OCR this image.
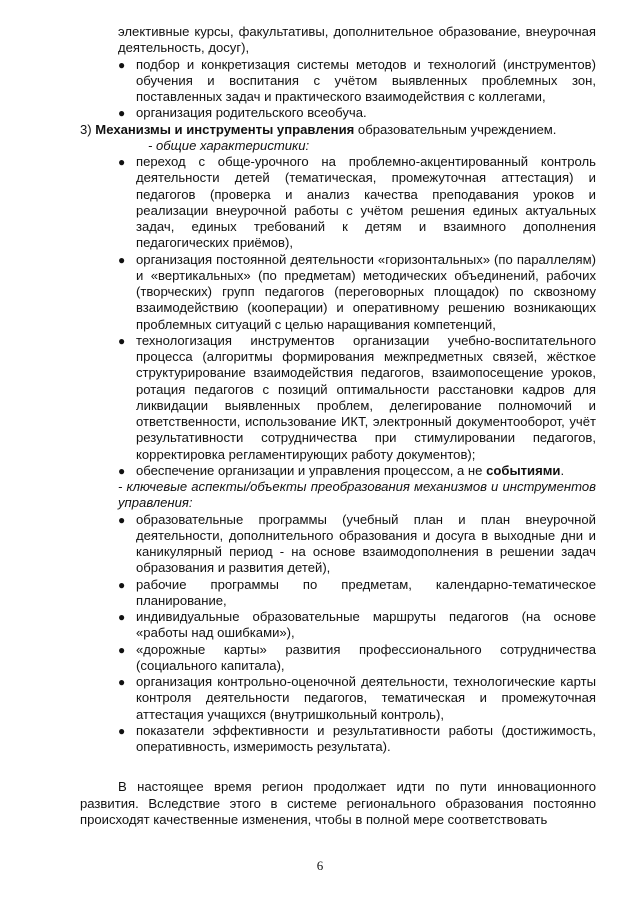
элективные курсы, факультативы, дополнительное образование, внеурочная деятельность, досуг),
● подбор и конкретизация системы методов и технологий (инструментов) обучения и воспитания с учётом выявленных проблемных зон, поставленных задач и практического взаимодействия с коллегами,
● организация родительского всеобуча.
3) Механизмы и инструменты управления образовательным учреждением.
- общие характеристики:
● переход с обще-урочного на проблемно-акцентированный контроль деятельности детей (тематическая, промежуточная аттестация) и педагогов (проверка и анализ качества преподавания уроков и реализации внеурочной работы с учётом решения единых актуальных задач, единых требований к детям и взаимного дополнения педагогических приёмов),
● организация постоянной деятельности «горизонтальных» (по параллелям) и «вертикальных» (по предметам) методических объединений, рабочих (творческих) групп педагогов (переговорных площадок) по сквозному взаимодействию (кооперации) и оперативному решению возникающих проблемных ситуаций с целью наращивания компетенций,
● технологизация инструментов организации учебно-воспитательного процесса (алгоритмы формирования межпредметных связей, жёсткое структурирование взаимодействия педагогов, взаимопосещение уроков, ротация педагогов с позиций оптимальности расстановки кадров для ликвидации выявленных проблем, делегирование полномочий и ответственности, использование ИКТ, электронный документооборот, учёт результативности сотрудничества при стимулировании педагогов, корректировка регламентирующих работу документов);
● обеспечение организации и управления процессом, а не событиями.
- ключевые аспекты/объекты преобразования механизмов и инструментов управления:
● образовательные программы (учебный план и план внеурочной деятельности, дополнительного образования и досуга в выходные дни и каникулярный период - на основе взаимодополнения в решении задач образования и развития детей),
● рабочие программы по предметам, календарно-тематическое планирование,
● индивидуальные образовательные маршруты педагогов (на основе «работы над ошибками»),
● «дорожные карты» развития профессионального сотрудничества (социального капитала),
● организация контрольно-оценочной деятельности, технологические карты контроля деятельности педагогов, тематическая и промежуточная аттестация учащихся (внутришкольный контроль),
● показатели эффективности и результативности работы (достижимость, оперативность, измеримость результата).
В настоящее время регион продолжает идти по пути инновационного развития. Вследствие этого в системе регионального образования постоянно происходят качественные изменения, чтобы в полной мере соответствовать
6
